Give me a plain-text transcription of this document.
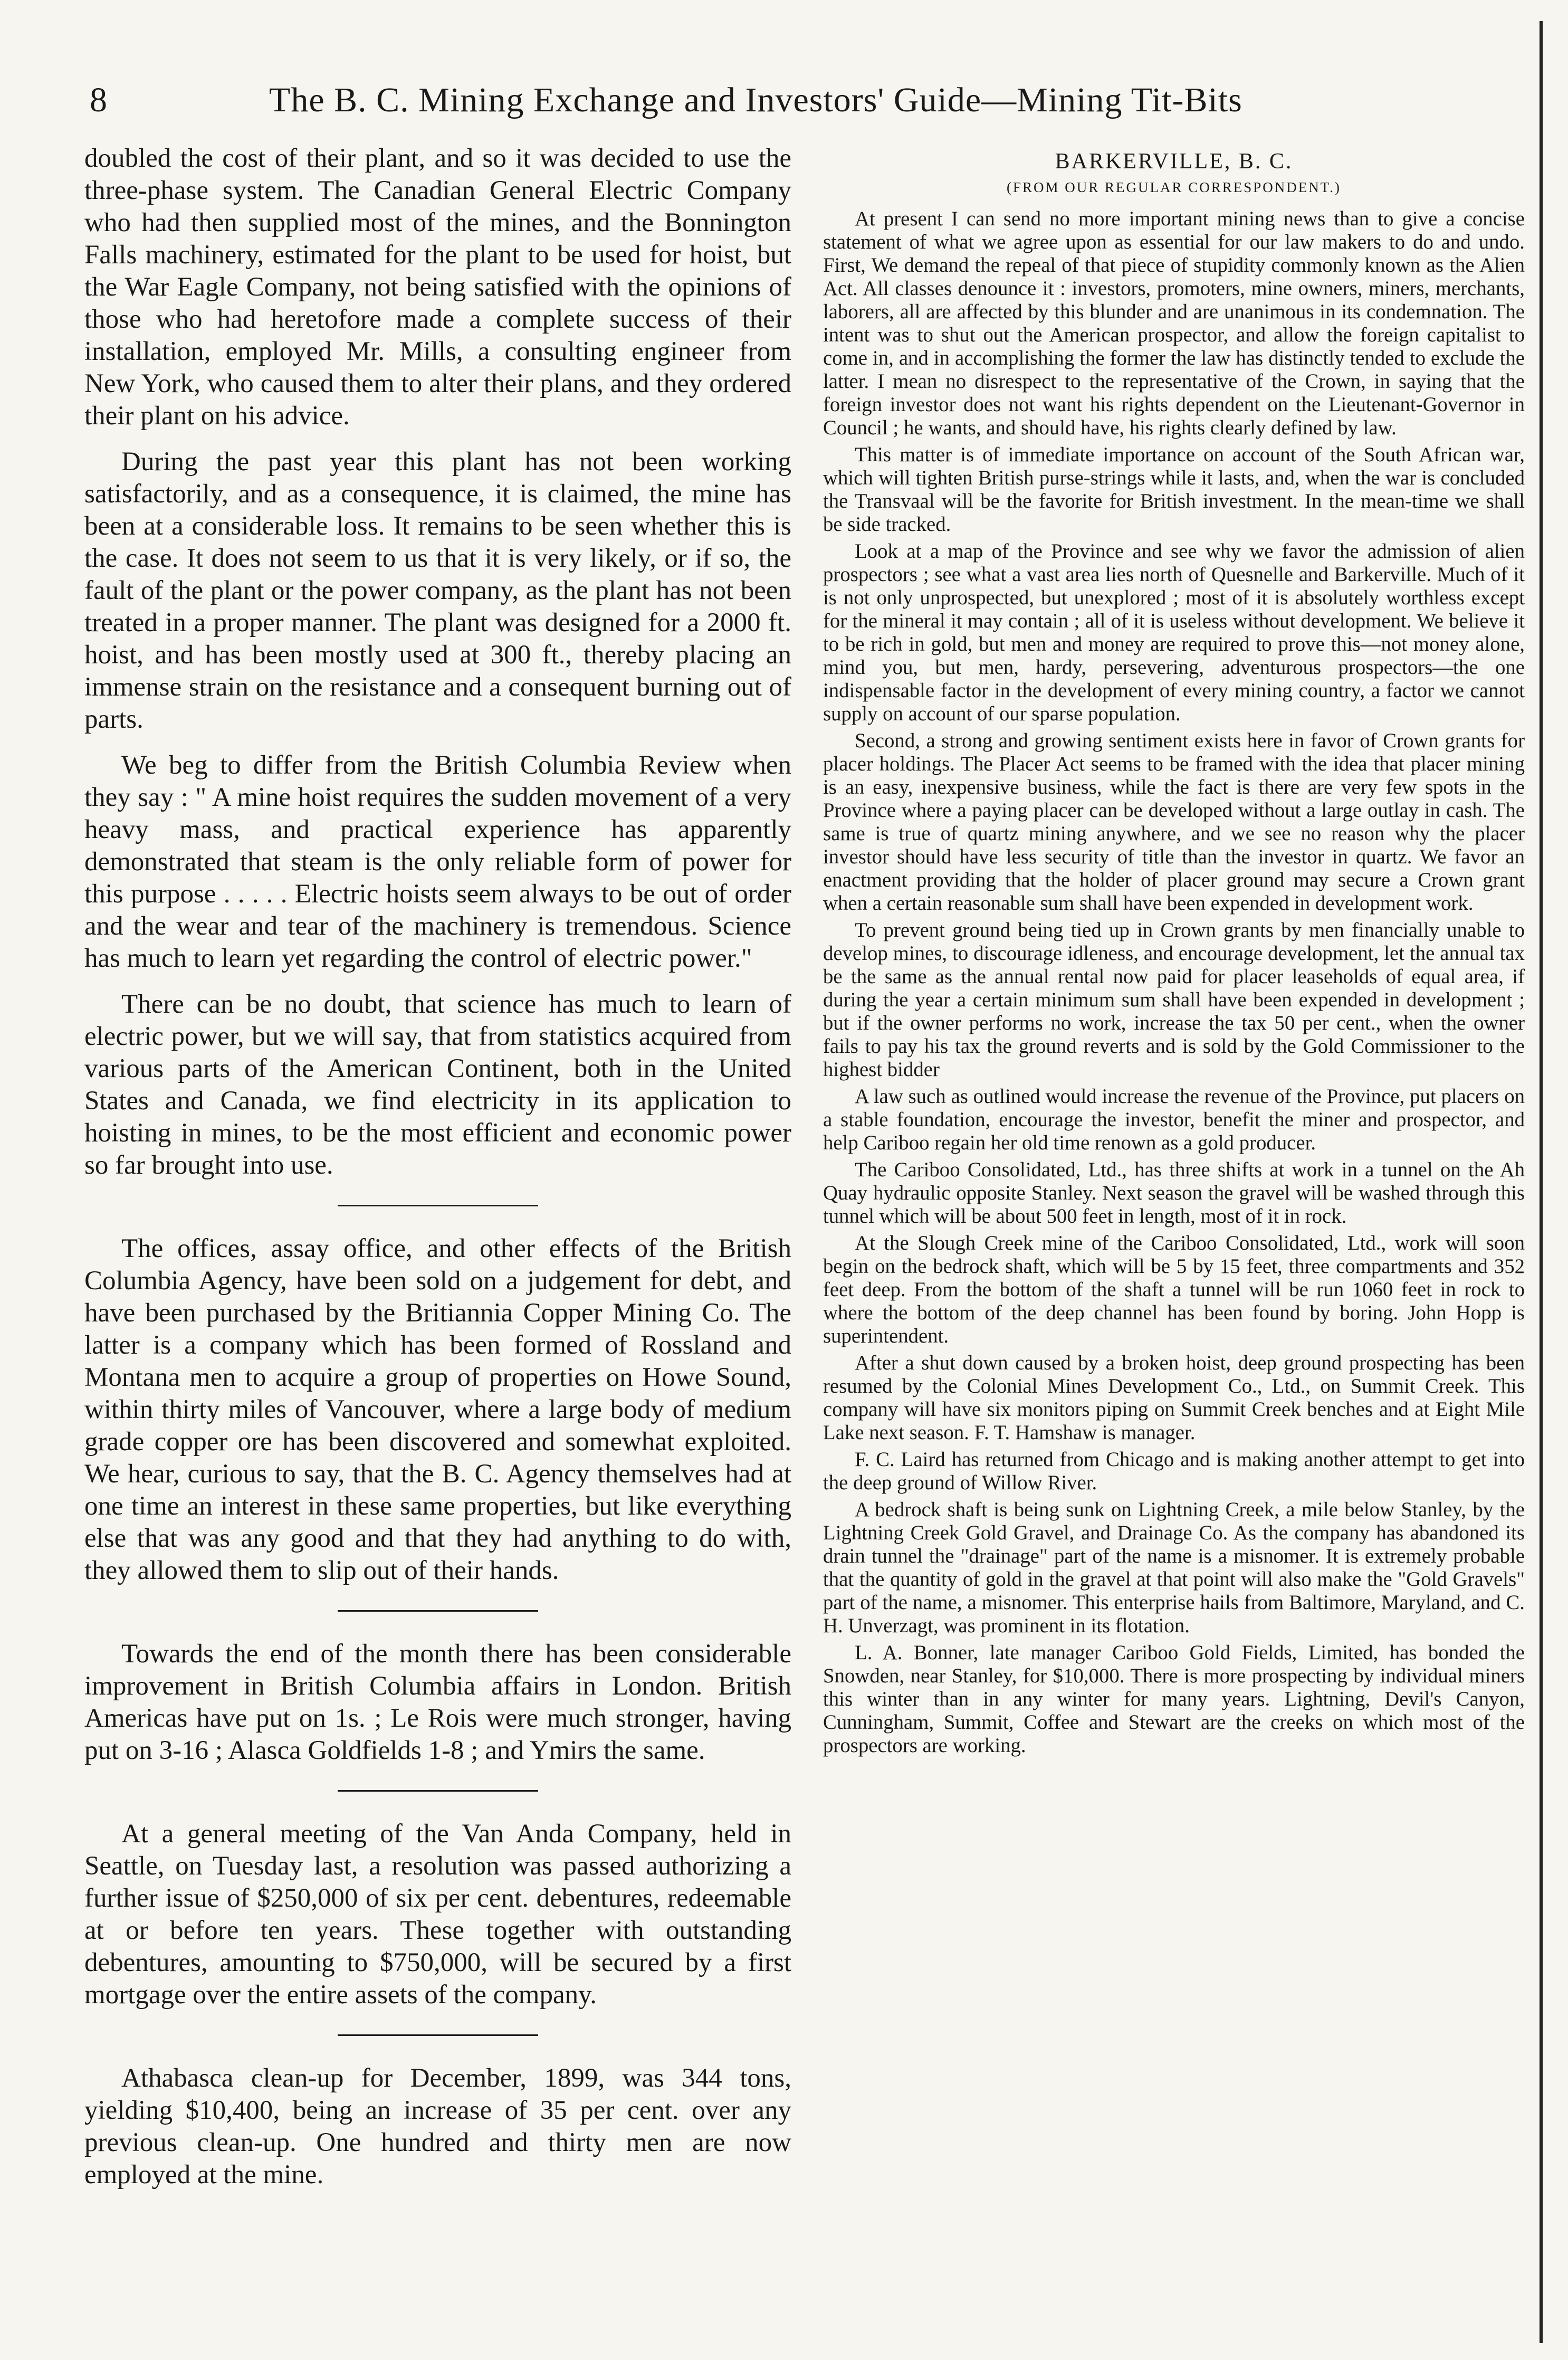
8	The B. C. Mining Exchange and Investors' Guide—Mining Tit-Bits

doubled the cost of their plant, and so it was decided to use the three-phase system. The Canadian General Electric Company who had then supplied most of the mines, and the Bonnington Falls machinery, estimated for the plant to be used for hoist, but the War Eagle Company, not being satisfied with the opinions of those who had heretofore made a complete success of their installation, employed Mr. Mills, a consulting engineer from New York, who caused them to alter their plans, and they ordered their plant on his advice.

During the past year this plant has not been working satisfactorily, and as a consequence, it is claimed, the mine has been at a considerable loss. It remains to be seen whether this is the case. It does not seem to us that it is very likely, or if so, the fault of the plant or the power company, as the plant has not been treated in a proper manner. The plant was designed for a 2000 ft. hoist, and has been mostly used at 300 ft., thereby placing an immense strain on the resistance and a consequent burning out of parts.

We beg to differ from the British Columbia Review when they say : " A mine hoist requires the sudden movement of a very heavy mass, and practical experience has apparently demonstrated that steam is the only reliable form of power for this purpose . . . . . Electric hoists seem always to be out of order and the wear and tear of the machinery is tremendous. Science has much to learn yet regarding the control of electric power."

There can be no doubt, that science has much to learn of electric power, but we will say, that from statistics acquired from various parts of the American Continent, both in the United States and Canada, we find electricity in its application to hoisting in mines, to be the most efficient and economic power so far brought into use.

The offices, assay office, and other effects of the British Columbia Agency, have been sold on a judgement for debt, and have been purchased by the Britiannia Copper Mining Co. The latter is a company which has been formed of Rossland and Montana men to acquire a group of properties on Howe Sound, within thirty miles of Vancouver, where a large body of medium grade copper ore has been discovered and somewhat exploited. We hear, curious to say, that the B. C. Agency themselves had at one time an interest in these same properties, but like everything else that was any good and that they had anything to do with, they allowed them to slip out of their hands.

Towards the end of the month there has been considerable improvement in British Columbia affairs in London. British Americas have put on 1s. ; Le Rois were much stronger, having put on 3-16 ; Alasca Goldfields 1-8 ; and Ymirs the same.

At a general meeting of the Van Anda Company, held in Seattle, on Tuesday last, a resolution was passed authorizing a further issue of $250,000 of six per cent. debentures, redeemable at or before ten years. These together with outstanding debentures, amounting to $750,000, will be secured by a first mortgage over the entire assets of the company.

Athabasca clean-up for December, 1899, was 344 tons, yielding $10,400, being an increase of 35 per cent. over any previous clean-up. One hundred and thirty men are now employed at the mine.

BARKERVILLE, B. C.
(FROM OUR REGULAR CORRESPONDENT.)

At present I can send no more important mining news than to give a concise statement of what we agree upon as essential for our law makers to do and undo. First, We demand the repeal of that piece of stupidity commonly known as the Alien Act. All classes denounce it : investors, promoters, mine owners, miners, merchants, laborers, all are affected by this blunder and are unanimous in its condemnation. The intent was to shut out the American prospector, and allow the foreign capitalist to come in, and in accomplishing the former the law has distinctly tended to exclude the latter. I mean no disrespect to the representative of the Crown, in saying that the foreign investor does not want his rights dependent on the Lieutenant-Governor in Council ; he wants, and should have, his rights clearly defined by law.

This matter is of immediate importance on account of the South African war, which will tighten British purse-strings while it lasts, and, when the war is concluded the Transvaal will be the favorite for British investment. In the mean-time we shall be side tracked.

Look at a map of the Province and see why we favor the admission of alien prospectors ; see what a vast area lies north of Quesnelle and Barkerville. Much of it is not only unprospected, but unexplored ; most of it is absolutely worthless except for the mineral it may contain ; all of it is useless without development. We believe it to be rich in gold, but men and money are required to prove this—not money alone, mind you, but men, hardy, persevering, adventurous prospectors—the one indispensable factor in the development of every mining country, a factor we cannot supply on account of our sparse population.

Second, a strong and growing sentiment exists here in favor of Crown grants for placer holdings. The Placer Act seems to be framed with the idea that placer mining is an easy, inexpensive business, while the fact is there are very few spots in the Province where a paying placer can be developed without a large outlay in cash. The same is true of quartz mining anywhere, and we see no reason why the placer investor should have less security of title than the investor in quartz. We favor an enactment providing that the holder of placer ground may secure a Crown grant when a certain reasonable sum shall have been expended in development work.

To prevent ground being tied up in Crown grants by men financially unable to develop mines, to discourage idleness, and encourage development, let the annual tax be the same as the annual rental now paid for placer leaseholds of equal area, if during the year a certain minimum sum shall have been expended in development ; but if the owner performs no work, increase the tax 50 per cent., when the owner fails to pay his tax the ground reverts and is sold by the Gold Commissioner to the highest bidder

A law such as outlined would increase the revenue of the Province, put placers on a stable foundation, encourage the investor, benefit the miner and prospector, and help Cariboo regain her old time renown as a gold producer.

The Cariboo Consolidated, Ltd., has three shifts at work in a tunnel on the Ah Quay hydraulic opposite Stanley. Next season the gravel will be washed through this tunnel which will be about 500 feet in length, most of it in rock.

At the Slough Creek mine of the Cariboo Consolidated, Ltd., work will soon begin on the bedrock shaft, which will be 5 by 15 feet, three compartments and 352 feet deep. From the bottom of the shaft a tunnel will be run 1060 feet in rock to where the bottom of the deep channel has been found by boring. John Hopp is superintendent.

After a shut down caused by a broken hoist, deep ground prospecting has been resumed by the Colonial Mines Development Co., Ltd., on Summit Creek. This company will have six monitors piping on Summit Creek benches and at Eight Mile Lake next season. F. T. Hamshaw is manager.

F. C. Laird has returned from Chicago and is making another attempt to get into the deep ground of Willow River.

A bedrock shaft is being sunk on Lightning Creek, a mile below Stanley, by the Lightning Creek Gold Gravel, and Drainage Co. As the company has abandoned its drain tunnel the "drainage" part of the name is a misnomer. It is extremely probable that the quantity of gold in the gravel at that point will also make the "Gold Gravels" part of the name, a misnomer. This enterprise hails from Baltimore, Maryland, and C. H. Unverzagt, was prominent in its flotation.

L. A. Bonner, late manager Cariboo Gold Fields, Limited, has bonded the Snowden, near Stanley, for $10,000. There is more prospecting by individual miners this winter than in any winter for many years. Lightning, Devil's Canyon, Cunningham, Summit, Coffee and Stewart are the creeks on which most of the prospectors are working.
